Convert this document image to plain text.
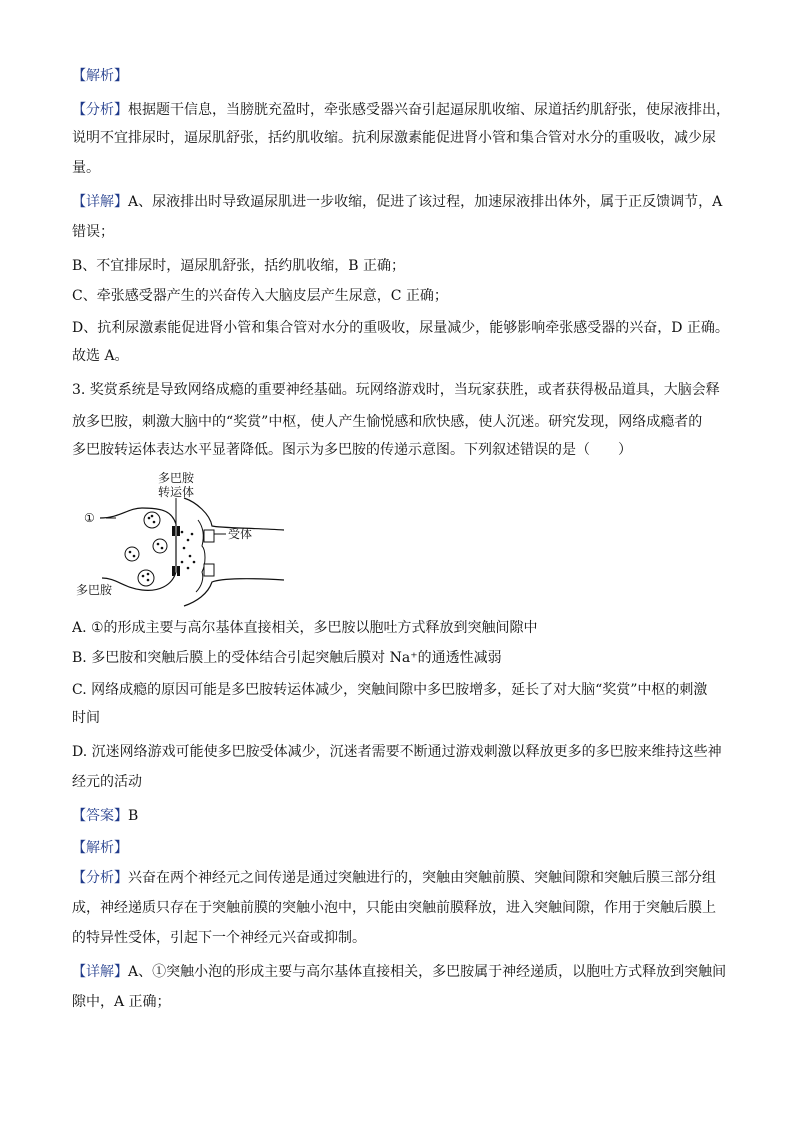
【解析】
【分析】根据题干信息，当膀胱充盈时，牵张感受器兴奋引起逼尿肌收缩、尿道括约肌舒张，使尿液排出，
说明不宜排尿时，逼尿肌舒张，括约肌收缩。抗利尿激素能促进肾小管和集合管对水分的重吸收，减少尿
量。
【详解】A、尿液排出时导致逼尿肌进一步收缩，促进了该过程，加速尿液排出体外，属于正反馈调节，A
错误；
B、不宜排尿时，逼尿肌舒张，括约肌收缩，B 正确；
C、牵张感受器产生的兴奋传入大脑皮层产生尿意，C 正确；
D、抗利尿激素能促进肾小管和集合管对水分的重吸收，尿量减少，能够影响牵张感受器的兴奋，D 正确。
故选 A。
3. 奖赏系统是导致网络成瘾的重要神经基础。玩网络游戏时，当玩家获胜，或者获得极品道具，大脑会释
放多巴胺，刺激大脑中的“奖赏”中枢，使人产生愉悦感和欣快感，使人沉迷。研究发现，网络成瘾者的
多巴胺转运体表达水平显著降低。图示为多巴胺的传递示意图。下列叙述错误的是（　　）
A. ①的形成主要与高尔基体直接相关，多巴胺以胞吐方式释放到突触间隙中
B. 多巴胺和突触后膜上的受体结合引起突触后膜对 Na⁺的通透性减弱
C. 网络成瘾的原因可能是多巴胺转运体减少，突触间隙中多巴胺增多，延长了对大脑“奖赏”中枢的刺激
时间
D. 沉迷网络游戏可能使多巴胺受体减少，沉迷者需要不断通过游戏刺激以释放更多的多巴胺来维持这些神
经元的活动
【答案】B
【解析】
【分析】兴奋在两个神经元之间传递是通过突触进行的，突触由突触前膜、突触间隙和突触后膜三部分组
成，神经递质只存在于突触前膜的突触小泡中，只能由突触前膜释放，进入突触间隙，作用于突触后膜上
的特异性受体，引起下一个神经元兴奋或抑制。
【详解】A、①突触小泡的形成主要与高尔基体直接相关，多巴胺属于神经递质，以胞吐方式释放到突触间
隙中，A 正确；
多巴胺
转运体
①
受体
多巴胺
